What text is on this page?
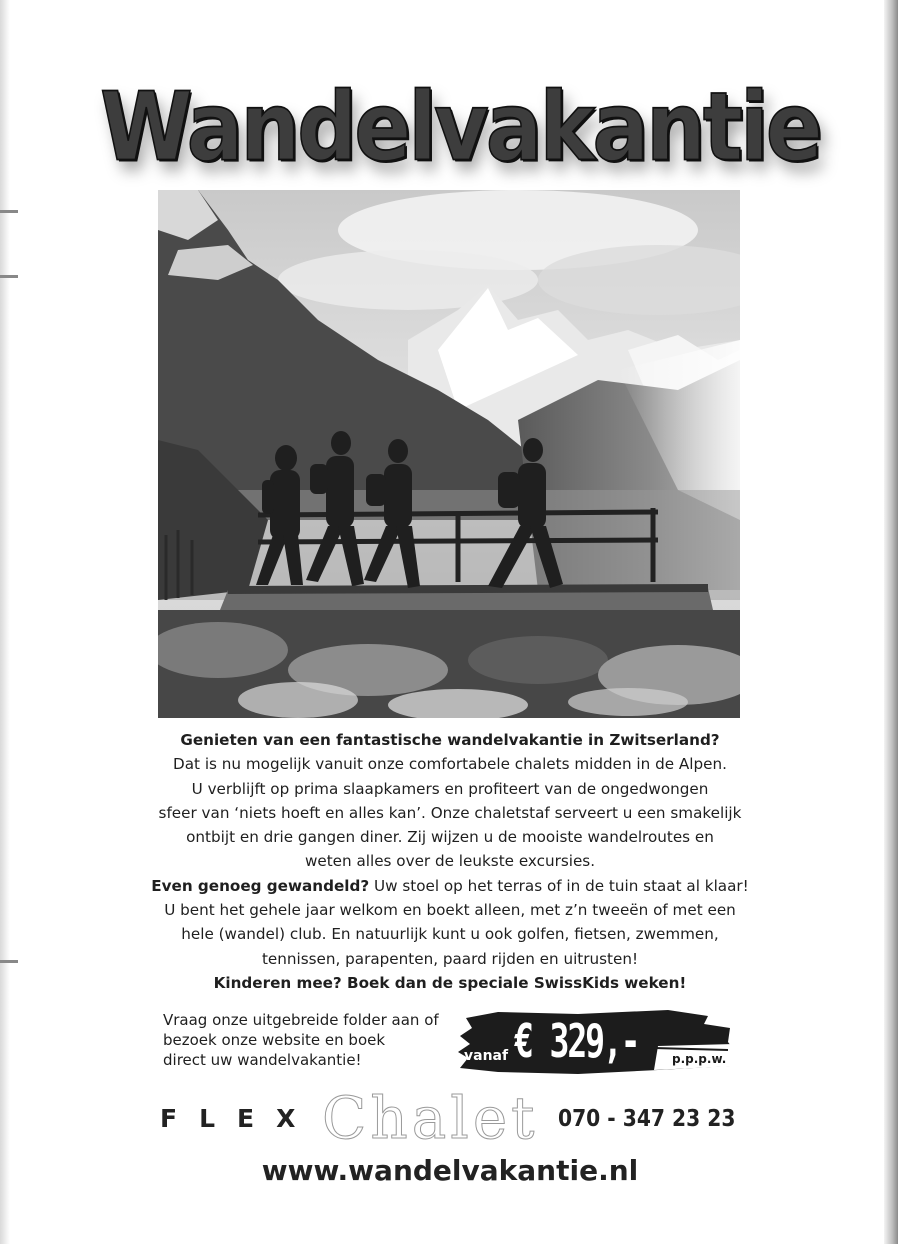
Wandelvakantie
Genieten van een fantastische wandelvakantie in Zwitserland?
Dat is nu mogelijk vanuit onze comfortabele chalets midden in de Alpen.
U verblijft op prima slaapkamers en profiteert van de ongedwongen
sfeer van ‘niets hoeft en alles kan’. Onze chaletstaf serveert u een smakelijk
ontbijt en drie gangen diner. Zij wijzen u de mooiste wandelroutes en
weten alles over de leukste excursies.
Even genoeg gewandeld? Uw stoel op het terras of in de tuin staat al klaar!
U bent het gehele jaar welkom en boekt alleen, met z’n tweeën of met een
hele (wandel) club. En natuurlijk kunt u ook golfen, fietsen, zwemmen,
tennissen, parapenten, paard rijden en uitrusten!
Kinderen mee? Boek dan de speciale SwissKids weken!
Vraag onze uitgebreide folder aan of
bezoek onze website en boek
direct uw wandelvakantie!	vanaf € 329,-	p.p.p.w.
FLEX Chalet 070 - 347 23 23
www.wandelvakantie.nl
